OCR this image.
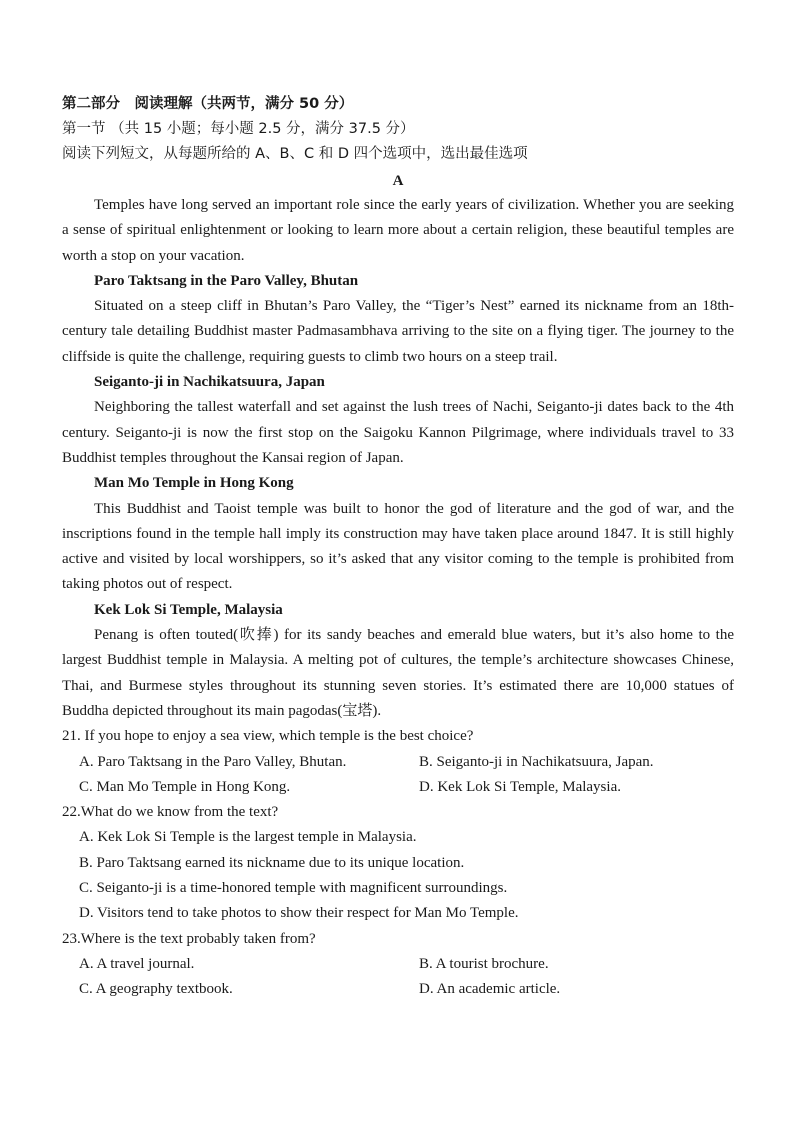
第二部分　阅读理解（共两节，满分 50 分）

第一节 （共 15 小题；每小题 2.5 分，满分 37.5 分）

阅读下列短文，从每题所给的 A、B、C 和 D 四个选项中，选出最佳选项

A

Temples have long served an important role since the early years of civilization. Whether you are seeking a sense of spiritual enlightenment or looking to learn more about a certain religion, these beautiful temples are worth a stop on your vacation.

Paro Taktsang in the Paro Valley, Bhutan

Situated on a steep cliff in Bhutan’s Paro Valley, the “Tiger’s Nest” earned its nickname from an 18th-century tale detailing Buddhist master Padmasambhava arriving to the site on a flying tiger. The journey to the cliffside is quite the challenge, requiring guests to climb two hours on a steep trail.

Seiganto-ji in Nachikatsuura, Japan

Neighboring the tallest waterfall and set against the lush trees of Nachi, Seiganto-ji dates back to the 4th century. Seiganto-ji is now the first stop on the Saigoku Kannon Pilgrimage, where individuals travel to 33 Buddhist temples throughout the Kansai region of Japan.

Man Mo Temple in Hong Kong

This Buddhist and Taoist temple was built to honor the god of literature and the god of war, and the inscriptions found in the temple hall imply its construction may have taken place around 1847. It is still highly active and visited by local worshippers, so it’s asked that any visitor coming to the temple is prohibited from taking photos out of respect.

Kek Lok Si Temple, Malaysia

Penang is often touted(吹捧) for its sandy beaches and emerald blue waters, but it’s also home to the largest Buddhist temple in Malaysia. A melting pot of cultures, the temple’s architecture showcases Chinese, Thai, and Burmese styles throughout its stunning seven stories. It’s estimated there are 10,000 statues of Buddha depicted throughout its main pagodas(宝塔).

21. If you hope to enjoy a sea view, which temple is the best choice?

A. Paro Taktsang in the Paro Valley, Bhutan.	B. Seiganto-ji in Nachikatsuura, Japan.
C. Man Mo Temple in Hong Kong.	D. Kek Lok Si Temple, Malaysia.

22.What do we know from the text?

A. Kek Lok Si Temple is the largest temple in Malaysia.
B. Paro Taktsang earned its nickname due to its unique location.
C. Seiganto-ji is a time-honored temple with magnificent surroundings.
D. Visitors tend to take photos to show their respect for Man Mo Temple.

23.Where is the text probably taken from?

A. A travel journal.	B. A tourist brochure.
C. A geography textbook.	D. An academic article.
